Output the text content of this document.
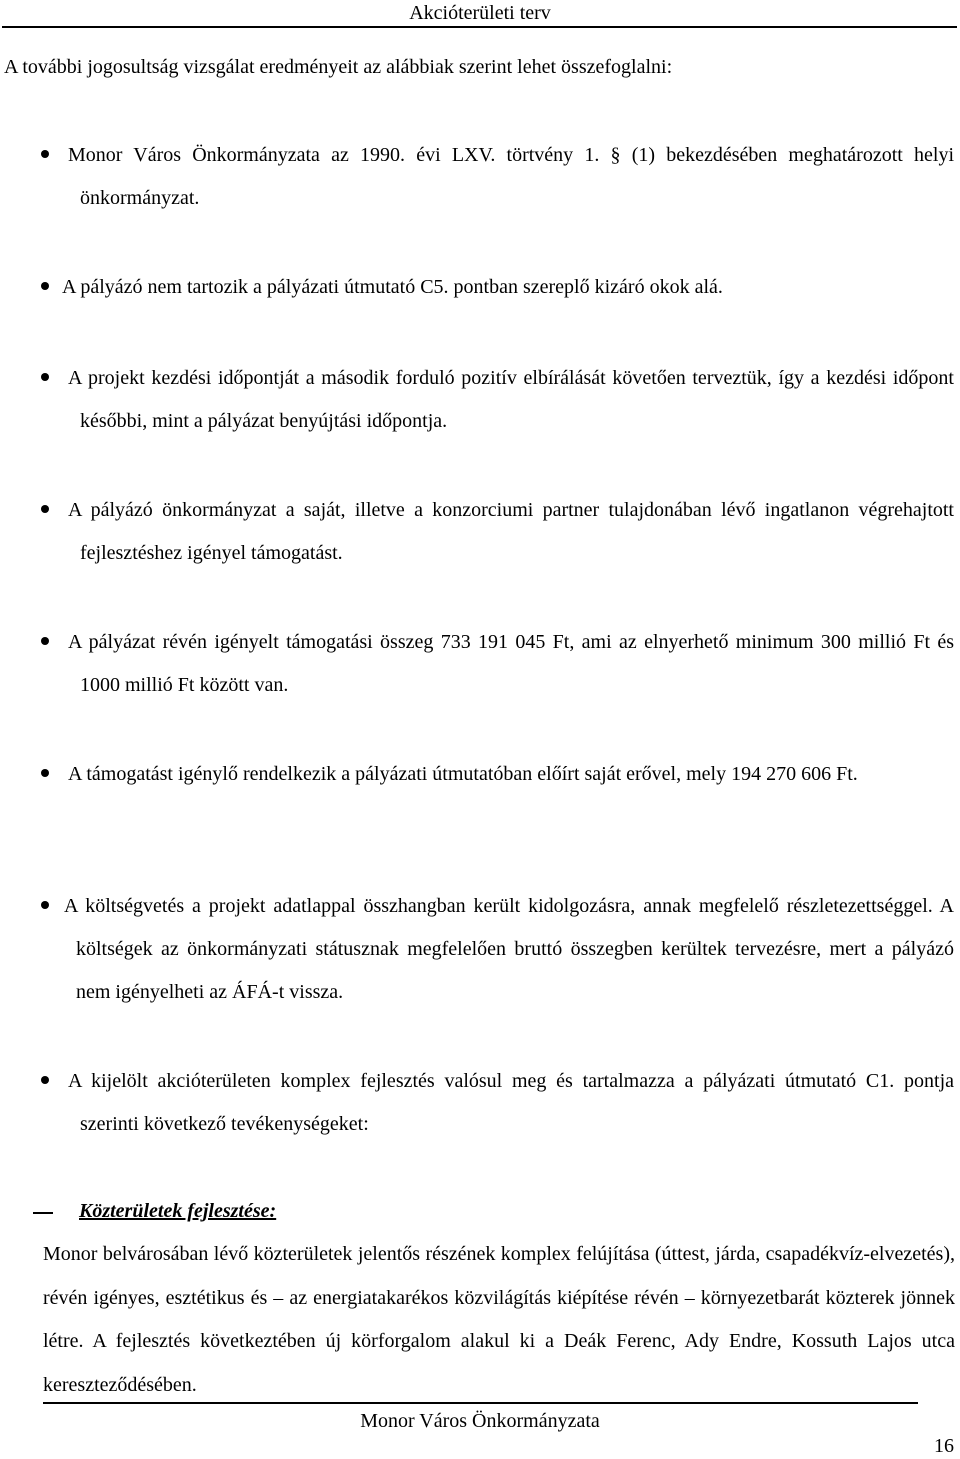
Akcióterületi terv
A további jogosultság vizsgálat eredményeit az alábbiak szerint lehet összefoglalni:
Monor Város Önkormányzata az 1990. évi LXV. törtvény 1. § (1) bekezdésében meghatározott helyi önkormányzat.
A pályázó nem tartozik a pályázati útmutató C5. pontban szereplő kizáró okok alá.
A projekt kezdési időpontját a második forduló pozitív elbírálását követően terveztük, így a kezdési időpont későbbi, mint a pályázat benyújtási időpontja.
A pályázó önkormányzat a saját, illetve a konzorciumi partner tulajdonában lévő ingatlanon végrehajtott fejlesztéshez igényel támogatást.
A pályázat révén igényelt támogatási összeg 733 191 045 Ft, ami az elnyerhető minimum 300 millió Ft és 1000 millió Ft között van.
A támogatást igénylő rendelkezik a pályázati útmutatóban előírt saját erővel, mely 194 270 606 Ft.
A költségvetés a projekt adatlappal összhangban került kidolgozásra, annak megfelelő részletezettséggel. A költségek az önkormányzati státusznak megfelelően bruttó összegben kerültek tervezésre, mert a pályázó nem igényelheti az ÁFÁ-t vissza.
A kijelölt akcióterületen komplex fejlesztés valósul meg és tartalmazza a pályázati útmutató C1. pontja szerinti következő tevékenységeket:
Közterületek fejlesztése:
Monor belvárosában lévő közterületek jelentős részének komplex felújítása (úttest, járda, csapadékvíz-elvezetés), révén igényes, esztétikus és – az energiatakarékos közvilágítás kiépítése révén – környezetbarát közterek jönnek létre. A fejlesztés következtében új körforgalom alakul ki a Deák Ferenc, Ady Endre, Kossuth Lajos utca kereszteződésében.
Monor Város Önkormányzata
16
